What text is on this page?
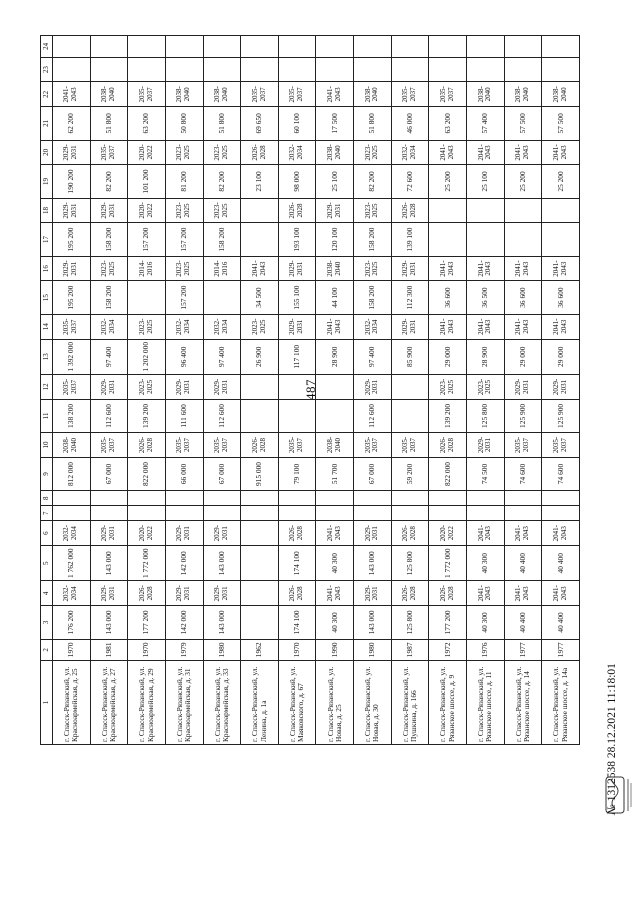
487
1	2	3	4	5	6	7	8	9	10	11	12	13	14	15	16	17	18	19	20	21	22	23	24
г. Спасск-Рязанский, ул. Красноармейская, д. 25	1970	176 200	2032-2034	1 762 000	2032-2034			812 000	2038-2040	138 200	2035-2037	1 392 000	2035-2037	195 200	2029-2031	195 200	2029-2031	190 200	2029-2031	62 200	2041-2043		
г. Спасск-Рязанский, ул. Красноармейская, д. 27	1981	143 000	2029-2031	143 000	2029-2031			67 000	2035-2037	112 600	2029-2031	97 400	2032-2034	158 200	2023-2025	158 200	2029-2031	82 200	2035-2037	51 800	2038-2040		
г. Спасск-Рязанский, ул. Красноармейская, д. 29	1970	177 200	2026-2028	1 772 000	2020-2022			822 000	2026-2028	139 200	2023-2025	1 202 000	2023-2025		2014-2016	157 200	2020-2022	101 200	2020-2022	63 200	2035-2037		
г. Спасск-Рязанский, ул. Красноармейская, д. 31	1979	142 000	2029-2031	142 000	2029-2031			66 000	2035-2037	111 600	2029-2031	96 400	2032-2034	157 200	2023-2025	157 200	2023-2025	81 200	2023-2025	50 800	2038-2040		
г. Спасск-Рязанский, ул. Красноармейская, д. 33	1980	143 000	2029-2031	143 000	2029-2031			67 000	2035-2037	112 600	2029-2031	97 400	2032-2034		2014-2016	158 200	2023-2025	82 200	2023-2025	51 800	2038-2040		
г. Спасск-Рязанский, ул. Ленина, д. 1а	1962							915 000	2026-2028			26 900	2023-2025	34 500	2041-2043			23 100	2026-2028	69 650	2035-2037		
г. Спасск-Рязанский, ул. Маяковского, д. 67	1970	174 100	2026-2028	174 100	2026-2028			79 100	2035-2037			117 100	2029-2031	155 100	2029-2031	193 100	2026-2028	98 000	2032-2034	60 100	2035-2037		
г. Спасск-Рязанский, ул. Новая, д. 25	1990	40 300	2041-2043	40 300	2041-2043			51 700	2038-2040			28 900	2041-2043	44 100	2038-2040	120 100	2029-2031	25 100	2038-2040	17 500	2041-2043		
г. Спасск-Рязанский, ул. Новая, д. 30	1980	143 000	2029-2031	143 000	2029-2031			67 000	2035-2037	112 600	2029-2031	97 400	2032-2034	158 200	2023-2025	158 200	2023-2025	82 200	2023-2025	51 800	2038-2040		
г. Спасск-Рязанский, ул. Пушкина, д. 166	1987	125 800	2026-2028	125 800	2026-2028			59 200	2035-2037			85 900	2029-2031	112 300	2029-2031	139 100	2026-2028	72 600	2032-2034	46 000	2035-2037		
г. Спасск-Рязанский, ул. Рязанское шоссе, д. 9	1972	177 200	2026-2028	1 772 000	2020-2022			822 000	2026-2028	139 200	2023-2025	29 000	2041-2043	36 600	2041-2043			25 200	2041-2043	63 200	2035-2037		
г. Спасск-Рязанский, ул. Рязанское шоссе, д. 11	1976	40 300	2041-2043	40 300	2041-2043			74 500	2029-2031	125 800	2023-2025	28 900	2041-2043	36 500	2041-2043			25 100	2041-2043	57 400	2038-2040		
г. Спасск-Рязанский, ул. Рязанское шоссе, д. 14	1977	40 400	2041-2043	40 400	2041-2043			74 600	2035-2037	125 900	2029-2031	29 000	2041-2043	36 600	2041-2043			25 200	2041-2043	57 500	2038-2040		
г. Спасск-Рязанский, ул. Рязанское шоссе, д. 14а	1977	40 400	2041-2043	40 400	2041-2043			74 600	2035-2037	125 900	2029-2031	29 000	2041-2043	36 600	2041-2043			25 200	2041-2043	57 500	2038-2040		
№ 1312538 28.12.2021 11:18:01
